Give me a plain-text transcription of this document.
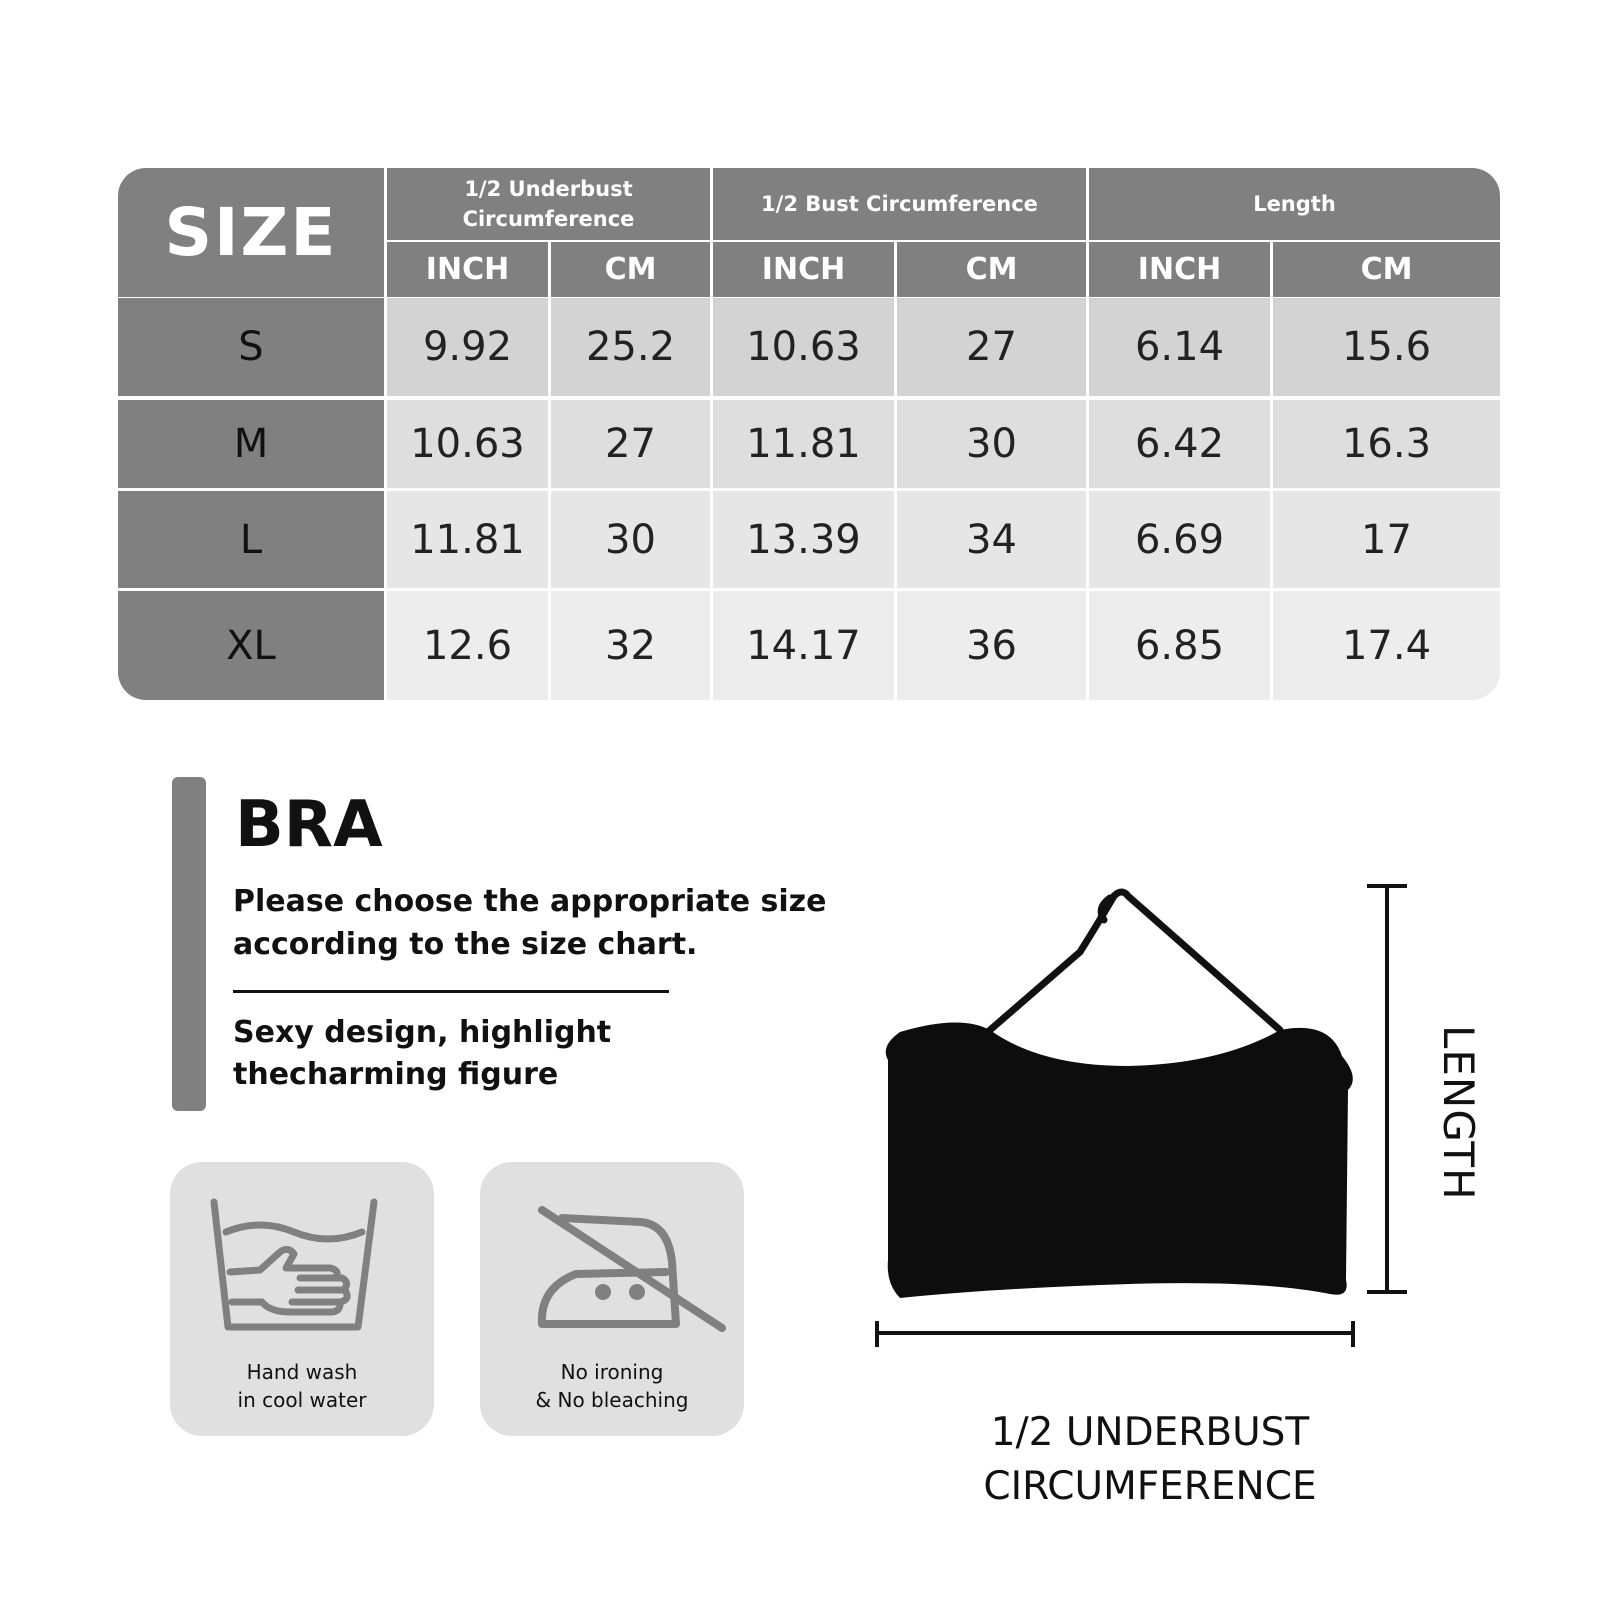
SIZE
1/2 Underbust
Circumference
INCH	CM
1/2 Bust Circumference
INCH	CM
Length
INCH	CM
S	9.92	25.2	10.63	27	6.14	15.6
M	10.63	27	11.81	30	6.42	16.3
L	11.81	30	13.39	34	6.69	17
XL	12.6	32	14.17	36	6.85	17.4
BRA
Please choose the appropriate size
according to the size chart.
Sexy design, highlight
thecharming figure
Hand wash
in cool water
No ironing
& No bleaching
LENGTH
1/2 UNDERBUST CIRCUMFERENCE
